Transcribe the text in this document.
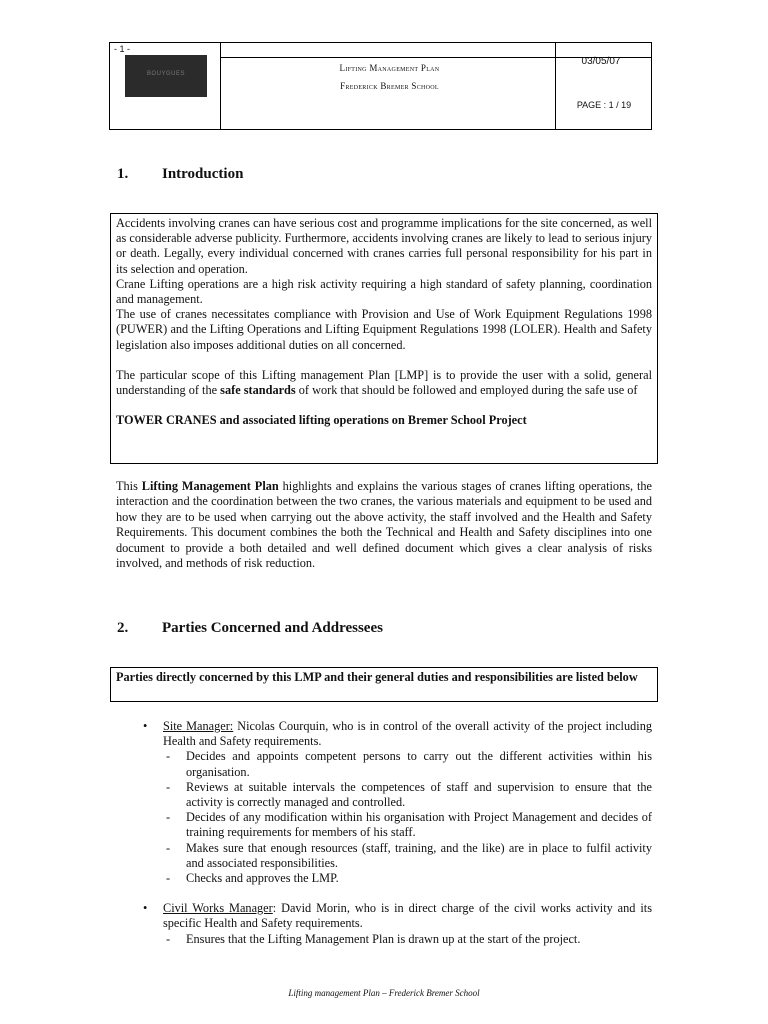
- 1 -
BOUYGUES
Lifting Management Plan
Frederick Bremer School
03/05/07
PAGE : 1 / 19
1. Introduction

Accidents involving cranes can have serious cost and programme implications for the site concerned, as well as considerable adverse publicity. Furthermore, accidents involving cranes are likely to lead to serious injury or death. Legally, every individual concerned with cranes carries full personal responsibility for his part in its selection and operation.

Crane Lifting operations are a high risk activity requiring a high standard of safety planning, coordination and management.

The use of cranes necessitates compliance with Provision and Use of Work Equipment Regulations 1998 (PUWER) and the Lifting Operations and Lifting Equipment Regulations 1998 (LOLER). Health and Safety legislation also imposes additional duties on all concerned.

The particular scope of this Lifting management Plan [LMP] is to provide the user with a solid, general understanding of the safe standards of work that should be followed and employed during the safe use of

TOWER CRANES and associated lifting operations on Bremer School Project

This Lifting Management Plan highlights and explains the various stages of cranes lifting operations, the interaction and the coordination between the two cranes, the various materials and equipment to be used and how they are to be used when carrying out the above activity, the staff involved and the Health and Safety Requirements. This document combines the both the Technical and Health and Safety disciplines into one document to provide a both detailed and well defined document which gives a clear analysis of risks involved, and methods of risk reduction.
2. Parties Concerned and Addressees
Parties directly concerned by this LMP and their general duties and responsibilities are listed below
• Site Manager: Nicolas Courquin, who is in control of the overall activity of the project including Health and Safety requirements.
- Decides and appoints competent persons to carry out the different activities within his organisation.
- Reviews at suitable intervals the competences of staff and supervision to ensure that the activity is correctly managed and controlled.
- Decides of any modification within his organisation with Project Management and decides of training requirements for members of his staff.
- Makes sure that enough resources (staff, training, and the like) are in place to fulfil activity and associated responsibilities.
- Checks and approves the LMP.
• Civil Works Manager: David Morin, who is in direct charge of the civil works activity and its specific Health and Safety requirements.
- Ensures that the Lifting Management Plan is drawn up at the start of the project.
Lifting management Plan – Frederick Bremer School
